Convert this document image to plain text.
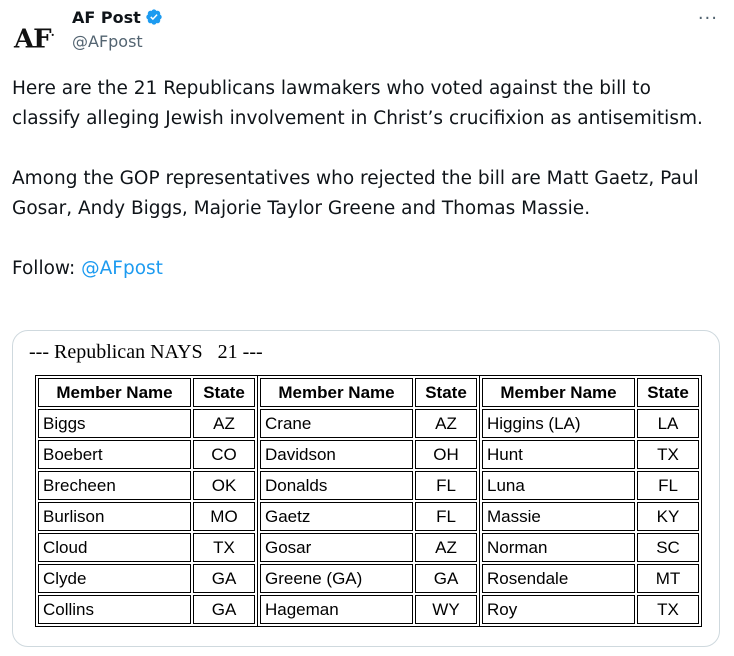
AF.
AF Post
@AFpost
···

Here are the 21 Republicans lawmakers who voted against the bill to classify alleging Jewish involvement in Christ’s crucifixion as antisemitism.

Among the GOP representatives who rejected the bill are Matt Gaetz, Paul Gosar, Andy Biggs, Majorie Taylor Greene and Thomas Massie.

Follow: @AFpost

--- Republican NAYS   21 ---
Member Name	State
Biggs	AZ
Boebert	CO
Brecheen	OK
Burlison	MO
Cloud	TX
Clyde	GA
Collins	GA
Member Name	State
Crane	AZ
Davidson	OH
Donalds	FL
Gaetz	FL
Gosar	AZ
Greene (GA)	GA
Hageman	WY
Member Name	State
Higgins (LA)	LA
Hunt	TX
Luna	FL
Massie	KY
Norman	SC
Rosendale	MT
Roy	TX
